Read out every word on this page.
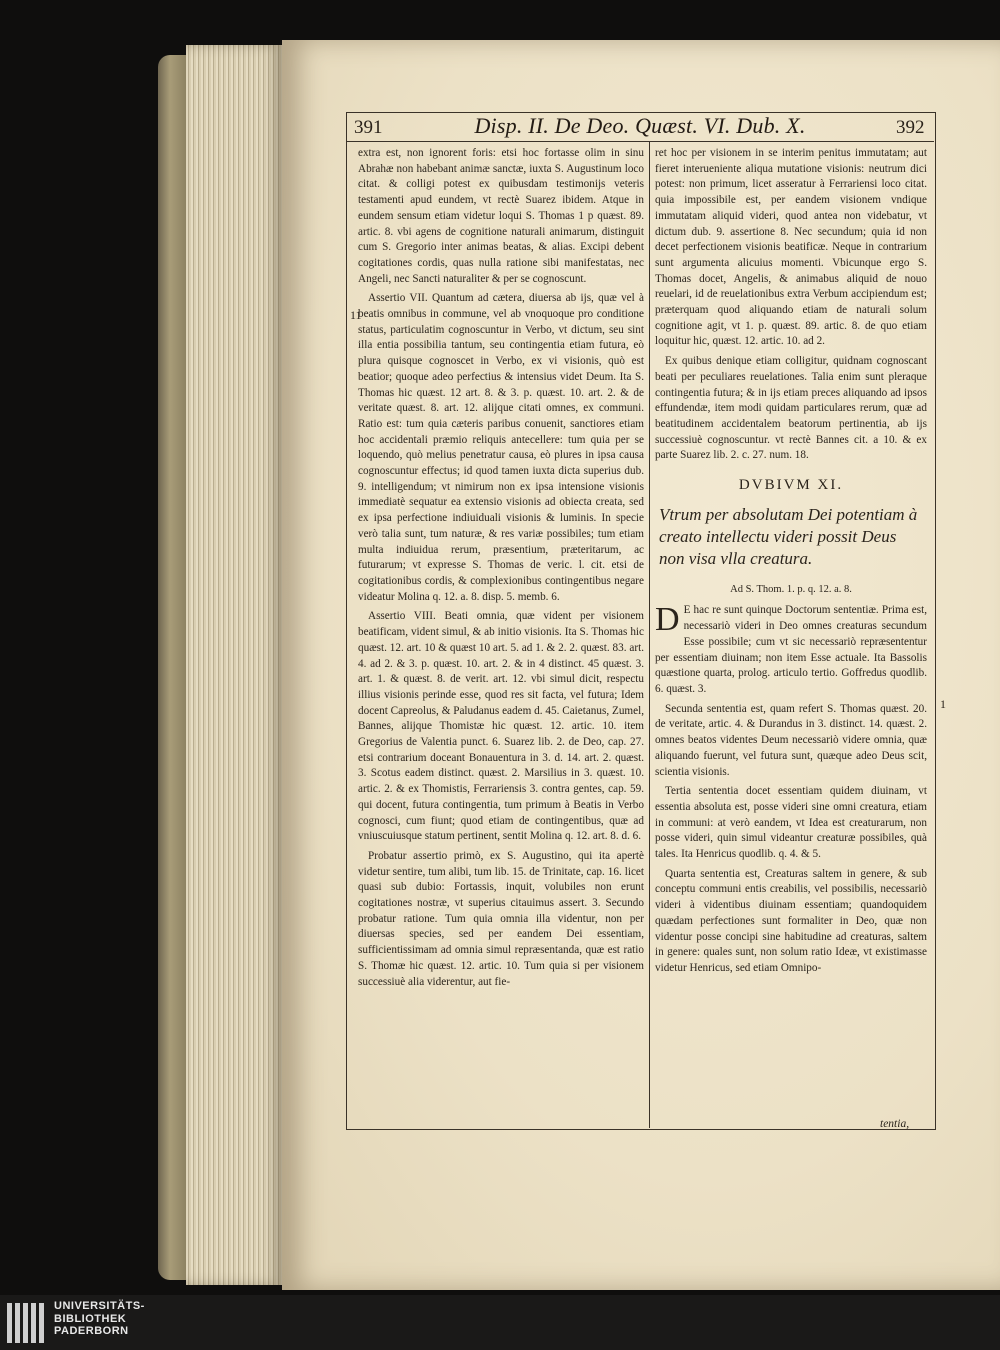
391	Disp. II. De Deo. Quæst. VI. Dub. X.	392
11
1

extra est, non ignorent foris: etsi hoc fortasse olim in sinu Abrahæ non habebant animæ sanctæ, iuxta S. Augustinum loco citat. & colligi potest ex quibusdam testimonijs veteris testamenti apud eundem, vt rectè Suarez ibidem. Atque in eundem sensum etiam videtur loqui S. Thomas 1 p quæst. 89. artic. 8. vbi agens de cognitione naturali animarum, distinguit cum S. Gregorio inter animas beatas, & alias. Excipi debent cogitationes cordis, quas nulla ratione sibi manifestatas, nec Angeli, nec Sancti naturaliter & per se cognoscunt.

Assertio VII. Quantum ad cætera, diuersa ab ijs, quæ vel à beatis omnibus in commune, vel ab vnoquoque pro conditione status, particulatim cognoscuntur in Verbo, vt dictum, seu sint illa entia possibilia tantum, seu contingentia etiam futura, eò plura quisque cognoscet in Verbo, ex vi visionis, quò est beatior; quoque adeo perfectius & intensius videt Deum. Ita S. Thomas hic quæst. 12 art. 8. & 3. p. quæst. 10. art. 2. & de veritate quæst. 8. art. 12. alijque citati omnes, ex communi. Ratio est: tum quia cæteris paribus conuenit, sanctiores etiam hoc accidentali præmio reliquis antecellere: tum quia per se loquendo, quò melius penetratur causa, eò plures in ipsa causa cognoscuntur effectus; id quod tamen iuxta dicta superius dub. 9. intelligendum; vt nimirum non ex ipsa intensione visionis immediatè sequatur ea extensio visionis ad obiecta creata, sed ex ipsa perfectione indiuiduali visionis & luminis. In specie verò talia sunt, tum naturæ, & res variæ possibiles; tum etiam multa indiuidua rerum, præsentium, præteritarum, ac futurarum; vt expresse S. Thomas de veric. l. cit. etsi de cogitationibus cordis, & complexionibus contingentibus negare videatur Molina q. 12. a. 8. disp. 5. memb. 6.

Assertio VIII. Beati omnia, quæ vident per visionem beatificam, vident simul, & ab initio visionis. Ita S. Thomas hic quæst. 12. art. 10 & quæst 10 art. 5. ad 1. & 2. 2. quæst. 83. art. 4. ad 2. & 3. p. quæst. 10. art. 2. & in 4 distinct. 45 quæst. 3. art. 1. & quæst. 8. de verit. art. 12. vbi simul dicit, respectu illius visionis perinde esse, quod res sit facta, vel futura; Idem docent Capreolus, & Paludanus eadem d. 45. Caietanus, Zumel, Bannes, alijque Thomistæ hic quæst. 12. artic. 10. item Gregorius de Valentia punct. 6. Suarez lib. 2. de Deo, cap. 27. etsi contrarium doceant Bonauentura in 3. d. 14. art. 2. quæst. 3. Scotus eadem distinct. quæst. 2. Marsilius in 3. quæst. 10. artic. 2. & ex Thomistis, Ferrariensis 3. contra gentes, cap. 59. qui docent, futura contingentia, tum primum à Beatis in Verbo cognosci, cum fiunt; quod etiam de contingentibus, quæ ad vniuscuiusque statum pertinent, sentit Molina q. 12. art. 8. d. 6.

Probatur assertio primò, ex S. Augustino, qui ita apertè videtur sentire, tum alibi, tum lib. 15. de Trinitate, cap. 16. licet quasi sub dubio: Fortassis, inquit, volubiles non erunt cogitationes nostræ, vt superius citauimus assert. 3. Secundo probatur ratione. Tum quia omnia illa videntur, non per diuersas species, sed per eandem Dei essentiam, sufficientissimam ad omnia simul repræsentanda, quæ est ratio S. Thomæ hic quæst. 12. artic. 10. Tum quia si per visionem successiuè alia viderentur, aut fie-

ret hoc per visionem in se interim penitus immutatam; aut fieret interueniente aliqua mutatione visionis: neutrum dici potest: non primum, licet asseratur à Ferrariensi loco citat. quia impossibile est, per eandem visionem vndique immutatam aliquid videri, quod antea non videbatur, vt dictum dub. 9. assertione 8. Nec secundum; quia id non decet perfectionem visionis beatificæ. Neque in contrarium sunt argumenta alicuius momenti. Vbicunque ergo S. Thomas docet, Angelis, & animabus aliquid de nouo reuelari, id de reuelationibus extra Verbum accipiendum est; præterquam quod aliquando etiam de naturali solum cognitione agit, vt 1. p. quæst. 89. artic. 8. de quo etiam loquitur hic, quæst. 12. artic. 10. ad 2.

Ex quibus denique etiam colligitur, quidnam cognoscant beati per peculiares reuelationes. Talia enim sunt pleraque contingentia futura; & in ijs etiam preces aliquando ad ipsos effundendæ, item modi quidam particulares rerum, quæ ad beatitudinem accidentalem beatorum pertinentia, ab ijs successiuè cognoscuntur. vt rectè Bannes cit. a 10. & ex parte Suarez lib. 2. c. 27. num. 18.

DVBIVM XI.
Vtrum per absolutam Dei potentiam à creato intellectu videri possit Deus non visa vlla creatura.
Ad S. Thom. 1. p. q. 12. a. 8.

D E hac re sunt quinque Doctorum sententiæ. Prima est, necessariò videri in Deo omnes creaturas secundum Esse possibile; cum vt sic necessariò repræsententur per essentiam diuinam; non item Esse actuale. Ita Bassolis quæstione quarta, prolog. articulo tertio. Goffredus quodlib. 6. quæst. 3.

Secunda sententia est, quam refert S. Thomas quæst. 20. de veritate, artic. 4. & Durandus in 3. distinct. 14. quæst. 2. omnes beatos videntes Deum necessariò videre omnia, quæ aliquando fuerunt, vel futura sunt, quæque adeo Deus scit, scientia visionis.

Tertia sententia docet essentiam quidem diuinam, vt essentia absoluta est, posse videri sine omni creatura, etiam in communi: at verò eandem, vt Idea est creaturarum, non posse videri, quin simul videantur creaturæ possibiles, quà tales. Ita Henricus quodlib. q. 4. & 5.

Quarta sententia est, Creaturas saltem in genere, & sub conceptu communi entis creabilis, vel possibilis, necessariò videri à videntibus diuinam essentiam; quandoquidem quædam perfectiones sunt formaliter in Deo, quæ non videntur posse concipi sine habitudine ad creaturas, saltem in genere: quales sunt, non solum ratio Ideæ, vt existimasse videtur Henricus, sed etiam Omnipo-

tentia,
UNIVERSITÄTS-
BIBLIOTHEK
PADERBORN
